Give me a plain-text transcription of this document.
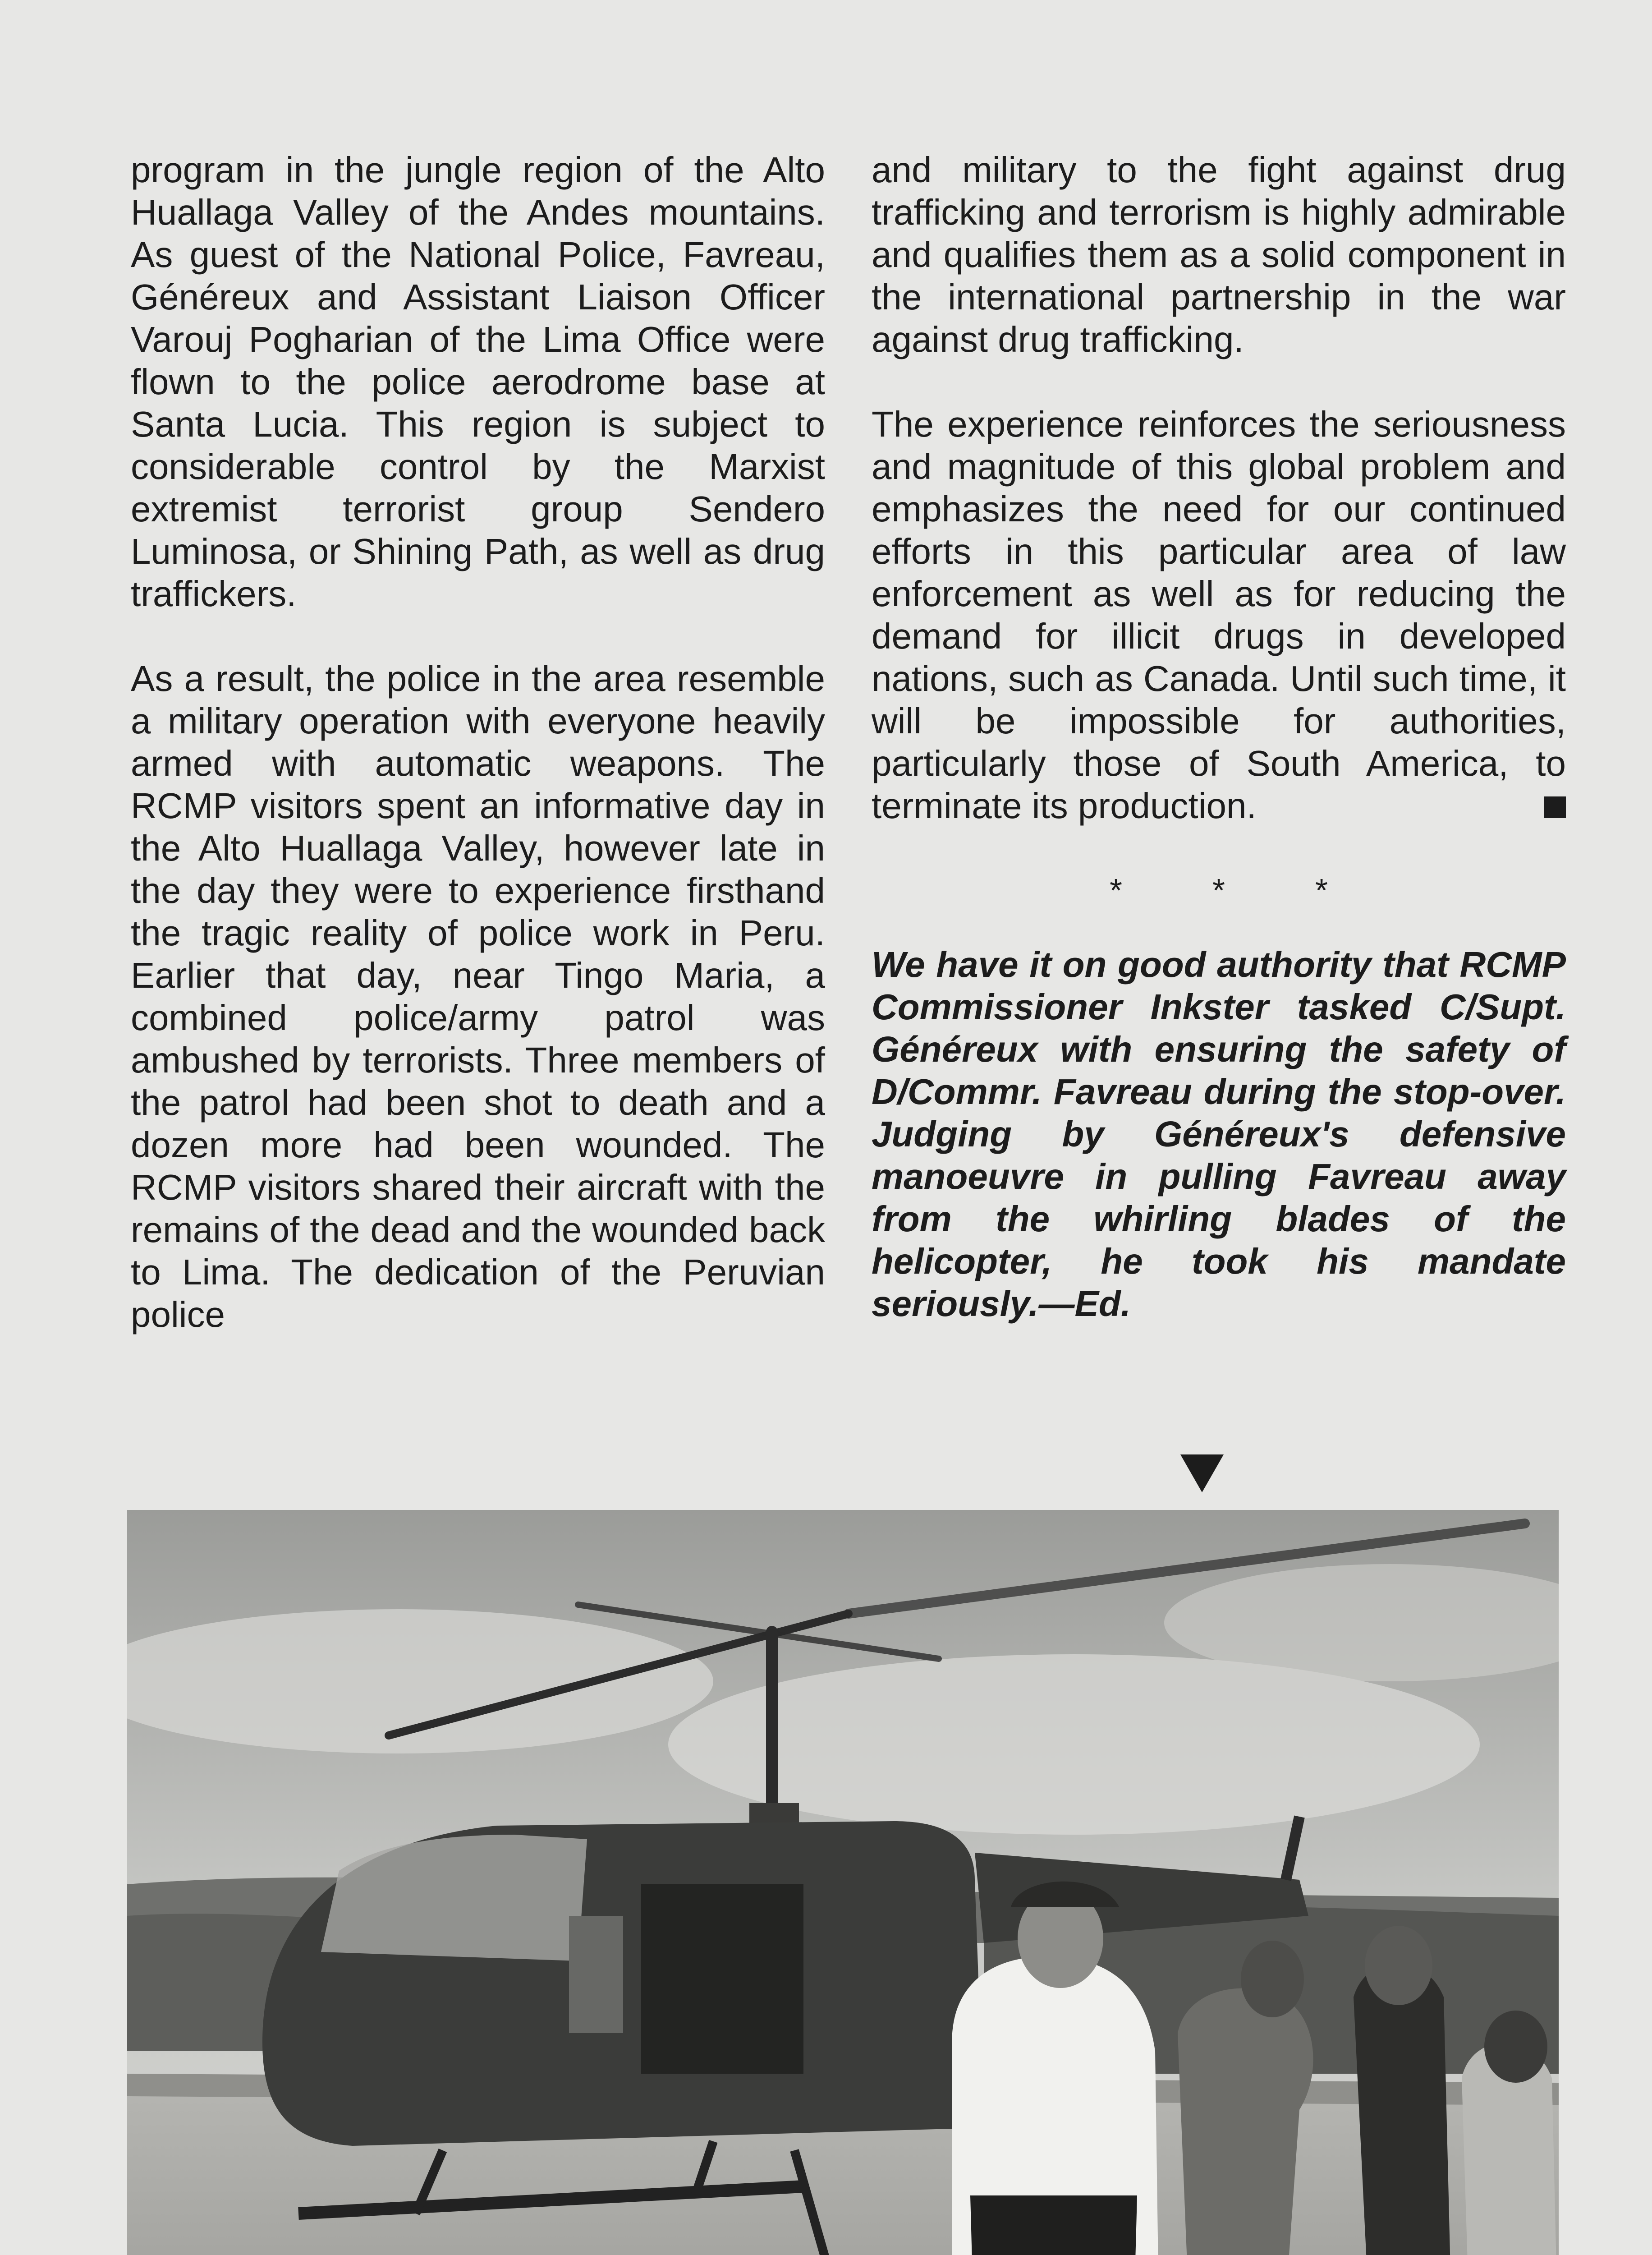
program in the jungle region of the Alto Huallaga Valley of the Andes mountains. As guest of the National Police, Favreau, Généreux and Assistant Liaison Officer Varouj Pogharian of the Lima Office were flown to the police aerodrome base at Santa Lucia. This region is subject to considerable control by the Marxist extremist terrorist group Sendero Luminosa, or Shining Path, as well as drug traffickers.

As a result, the police in the area resemble a military operation with everyone heavily armed with automatic weapons. The RCMP visitors spent an informative day in the Alto Huallaga Valley, however late in the day they were to experience firsthand the tragic reality of police work in Peru. Earlier that day, near Tingo Maria, a combined police/army patrol was ambushed by terrorists. Three members of the patrol had been shot to death and a dozen more had been wounded. The RCMP visitors shared their aircraft with the remains of the dead and the wounded back to Lima. The dedication of the Peruvian police

and military to the fight against drug trafficking and terrorism is highly admirable and qualifies them as a solid component in the international partnership in the war against drug trafficking.

The experience reinforces the seriousness and magnitude of this global problem and emphasizes the need for our continued efforts in this particular area of law enforcement as well as for reducing the demand for illicit drugs in developed nations, such as Canada. Until such time, it will be impossible for authorities, particularly those of South America, to terminate its production.

* * *

We have it on good authority that RCMP Commissioner Inkster tasked C/Supt. Généreux with ensuring the safety of D/Commr. Favreau during the stop-over. Judging by Généreux's defensive manoeuvre in pulling Favreau away from the whirling blades of the helicopter, he took his mandate seriously.—Ed.
